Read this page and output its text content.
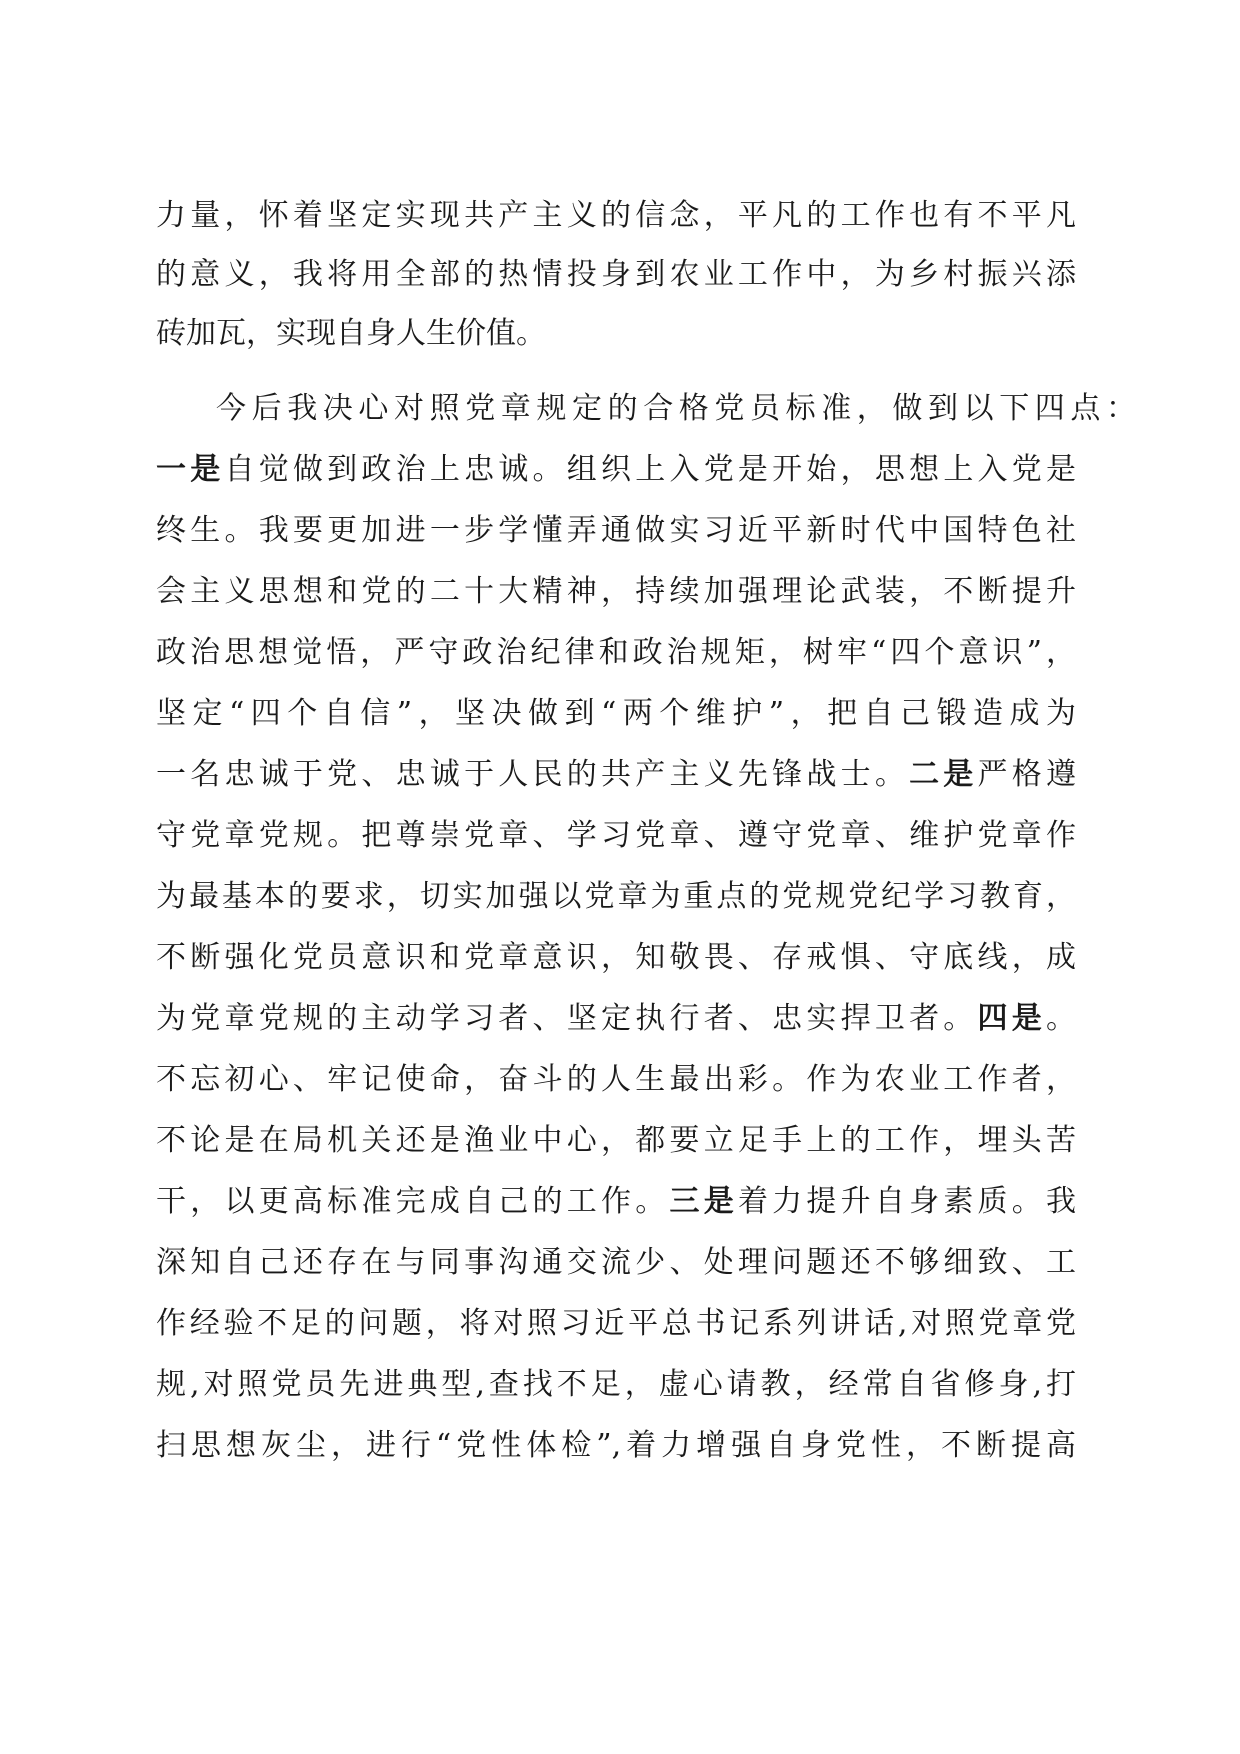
力量，怀着坚定实现共产主义的信念，平凡的工作也有不平凡
的意义，我将用全部的热情投身到农业工作中，为乡村振兴添
砖加瓦，实现自身人生价值。
今后我决心对照党章规定的合格党员标准，做到以下四点：
一是自觉做到政治上忠诚。组织上入党是开始，思想上入党是
终生。我要更加进一步学懂弄通做实习近平新时代中国特色社
会主义思想和党的二十大精神，持续加强理论武装，不断提升
政治思想觉悟，严守政治纪律和政治规矩，树牢“四个意识”，
坚定“四个自信”，坚决做到“两个维护”，把自己锻造成为
一名忠诚于党、忠诚于人民的共产主义先锋战士。二是严格遵
守党章党规。把尊崇党章、学习党章、遵守党章、维护党章作
为最基本的要求，切实加强以党章为重点的党规党纪学习教育，
不断强化党员意识和党章意识，知敬畏、存戒惧、守底线，成
为党章党规的主动学习者、坚定执行者、忠实捍卫者。四是。
不忘初心、牢记使命，奋斗的人生最出彩。作为农业工作者，
不论是在局机关还是渔业中心，都要立足手上的工作，埋头苦
干，以更高标准完成自己的工作。三是着力提升自身素质。我
深知自己还存在与同事沟通交流少、处理问题还不够细致、工
作经验不足的问题，将对照习近平总书记系列讲话,对照党章党
规,对照党员先进典型,查找不足，虚心请教，经常自省修身,打
扫思想灰尘，进行“党性体检”,着力增强自身党性，不断提高
